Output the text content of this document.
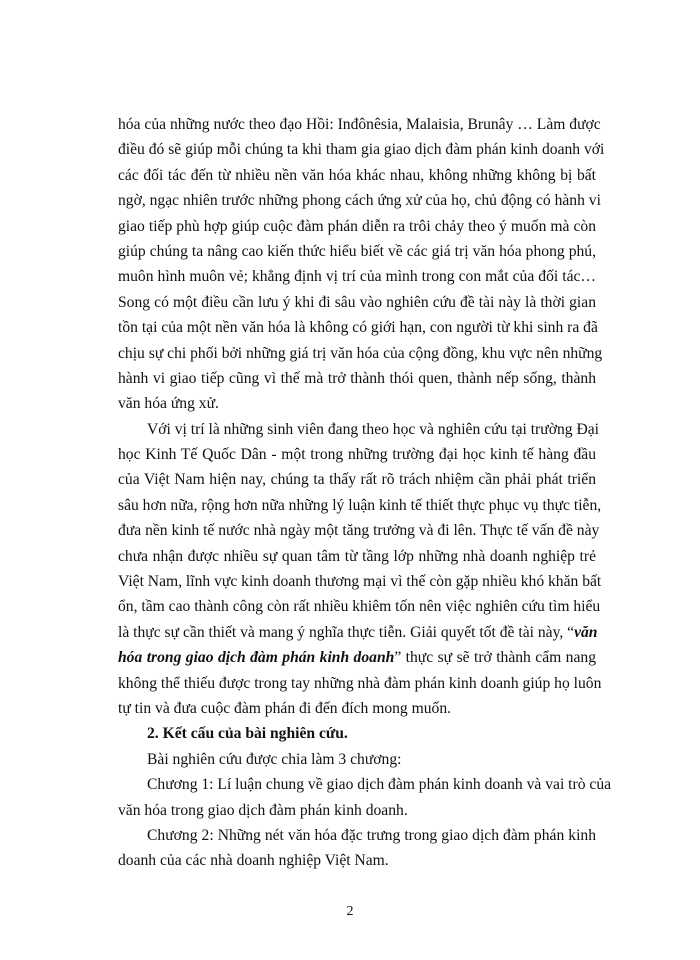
hóa của những nước theo đạo Hồi: Inđônêsia, Malaisia, Brunây … Làm được
điều đó sẽ giúp mỗi chúng ta khi tham gia giao dịch đàm phán kinh doanh với
các đối tác đến từ nhiều nền văn hóa khác nhau, không những không bị bất
ngờ, ngạc nhiên trước những phong cách ứng xử của họ, chủ động có hành vi
giao tiếp phù hợp giúp cuộc đàm phán diễn ra trôi chảy theo ý muốn mà còn
giúp chúng ta nâng cao kiến thức hiểu biết về các giá trị văn hóa phong phú,
muôn hình muôn vẻ; khẳng định vị trí của mình trong con mắt của đối tác…
Song có một điều cần lưu ý khi đi sâu vào nghiên cứu đề tài này là thời gian
tồn tại của một nền văn hóa là không có giới hạn, con người từ khi sinh ra đã
chịu sự chi phối bởi những giá trị văn hóa của cộng đồng, khu vực nên những
hành vi giao tiếp cũng vì thế mà trở thành thói quen, thành nếp sống, thành
văn hóa ứng xử.
Với vị trí là những sinh viên đang theo học và nghiên cứu tại trường Đại
học Kinh Tế Quốc Dân - một trong những trường đại học kinh tế hàng đầu
của Việt Nam hiện nay, chúng ta thấy rất rõ trách nhiệm cần phải phát triển
sâu hơn nữa, rộng hơn nữa những lý luận kinh tế thiết thực phục vụ thực tiễn,
đưa nền kinh tế nước nhà ngày một tăng trưởng và đi lên. Thực tế vấn đề này
chưa nhận được nhiều sự quan tâm từ tầng lớp những nhà doanh nghiệp trẻ
Việt Nam, lĩnh vực kinh doanh thương mại vì thế còn gặp nhiều khó khăn bất
ổn, tầm cao thành công còn rất nhiều khiêm tốn nên việc nghiên cứu tìm hiểu
là thực sự cần thiết và mang ý nghĩa thực tiễn. Giải quyết tốt đề tài này, “văn
hóa trong giao dịch đàm phán kinh doanh” thực sự sẽ trở thành cẩm nang
không thể thiếu được trong tay những nhà đàm phán kinh doanh giúp họ luôn
tự tin và đưa cuộc đàm phán đi đến đích mong muốn.
2. Kết cấu của bài nghiên cứu.
Bài nghiên cứu được chia làm 3 chương:
Chương 1: Lí luận chung về giao dịch đàm phán kinh doanh và vai trò của
văn hóa trong giao dịch đàm phán kinh doanh.
Chương 2: Những nét văn hóa đặc trưng trong giao dịch đàm phán kinh
doanh của các nhà doanh nghiệp Việt Nam.
2
